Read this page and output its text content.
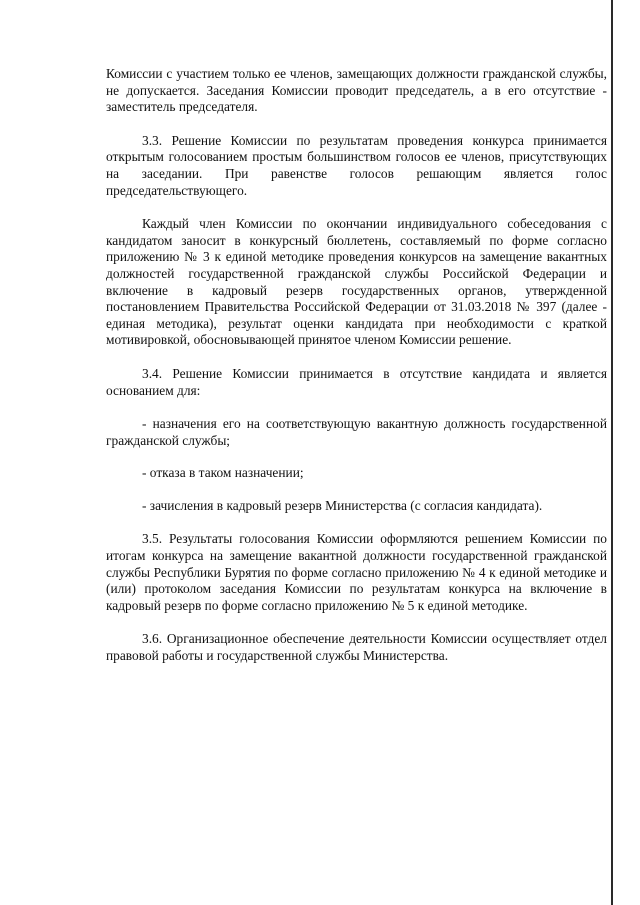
Комиссии с участием только ее членов, замещающих должности гражданской службы, не допускается. Заседания Комиссии проводит председатель, а в его отсутствие - заместитель председателя.

3.3. Решение Комиссии по результатам проведения конкурса принимается открытым голосованием простым большинством голосов ее членов, присутствующих на заседании. При равенстве голосов решающим является голос председательствующего.

Каждый член Комиссии по окончании индивидуального собеседования с кандидатом заносит в конкурсный бюллетень, составляемый по форме согласно приложению № 3 к единой методике проведения конкурсов на замещение вакантных должностей государственной гражданской службы Российской Федерации и включение в кадровый резерв государственных органов, утвержденной постановлением Правительства Российской Федерации от 31.03.2018 № 397 (далее - единая методика), результат оценки кандидата при необходимости с краткой мотивировкой, обосновывающей принятое членом Комиссии решение.

3.4. Решение Комиссии принимается в отсутствие кандидата и является основанием для:

- назначения его на соответствующую вакантную должность государственной гражданской службы;

- отказа в таком назначении;

- зачисления в кадровый резерв Министерства (с согласия кандидата).

3.5. Результаты голосования Комиссии оформляются решением Комиссии по итогам конкурса на замещение вакантной должности государственной гражданской службы Республики Бурятия по форме согласно приложению № 4 к единой методике и (или) протоколом заседания Комиссии по результатам конкурса на включение в кадровый резерв по форме согласно приложению № 5 к единой методике.

3.6. Организационное обеспечение деятельности Комиссии осуществляет отдел правовой работы и государственной службы Министерства.
